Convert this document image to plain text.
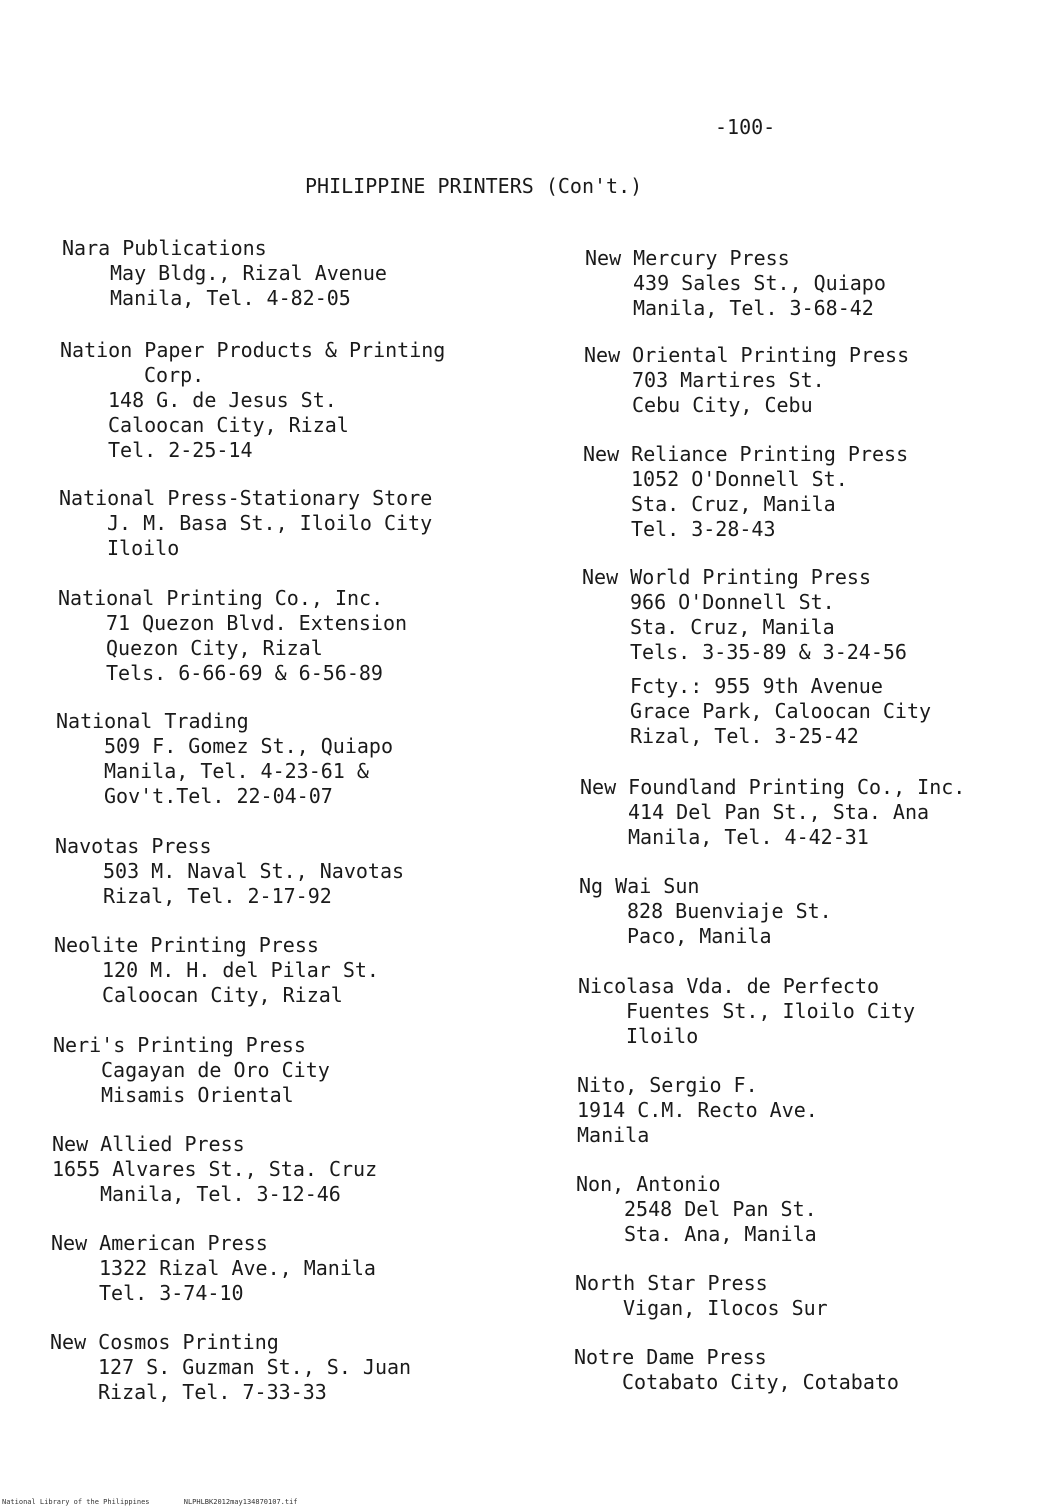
-100-
PHILIPPINE PRINTERS (Con't.)
Nara Publications
May Bldg., Rizal Avenue
Manila, Tel. 4-82-05
Nation Paper Products & Printing
Corp.
148 G. de Jesus St.
Caloocan City, Rizal
Tel. 2-25-14
National Press-Stationary Store
J. M. Basa St., Iloilo City
Iloilo
National Printing Co., Inc.
71 Quezon Blvd. Extension
Quezon City, Rizal
Tels. 6-66-69 & 6-56-89
National Trading
509 F. Gomez St., Quiapo
Manila, Tel. 4-23-61 &
Gov't.Tel. 22-04-07
Navotas Press
503 M. Naval St., Navotas
Rizal, Tel. 2-17-92
Neolite Printing Press
120 M. H. del Pilar St.
Caloocan City, Rizal
Neri's Printing Press
Cagayan de Oro City
Misamis Oriental
New Allied Press
1655 Alvares St., Sta. Cruz
Manila, Tel. 3-12-46
New American Press
1322 Rizal Ave., Manila
Tel. 3-74-10
New Cosmos Printing
127 S. Guzman St., S. Juan
Rizal, Tel. 7-33-33
New Mercury Press
439 Sales St., Quiapo
Manila, Tel. 3-68-42
New Oriental Printing Press
703 Martires St.
Cebu City, Cebu
New Reliance Printing Press
1052 O'Donnell St.
Sta. Cruz, Manila
Tel. 3-28-43
New World Printing Press
966 O'Donnell St.
Sta. Cruz, Manila
Tels. 3-35-89 & 3-24-56
Fcty.: 955 9th Avenue
Grace Park, Caloocan City
Rizal, Tel. 3-25-42
New Foundland Printing Co., Inc.
414 Del Pan St., Sta. Ana
Manila, Tel. 4-42-31
Ng Wai Sun
828 Buenviaje St.
Paco, Manila
Nicolasa Vda. de Perfecto
Fuentes St., Iloilo City
Iloilo
Nito, Sergio F.
1914 C.M. Recto Ave.
Manila
Non, Antonio
2548 Del Pan St.
Sta. Ana, Manila
North Star Press
Vigan, Ilocos Sur
Notre Dame Press
Cotabato City, Cotabato
National Library of the Philippines	NLPHLBK2012may134870107.tif
